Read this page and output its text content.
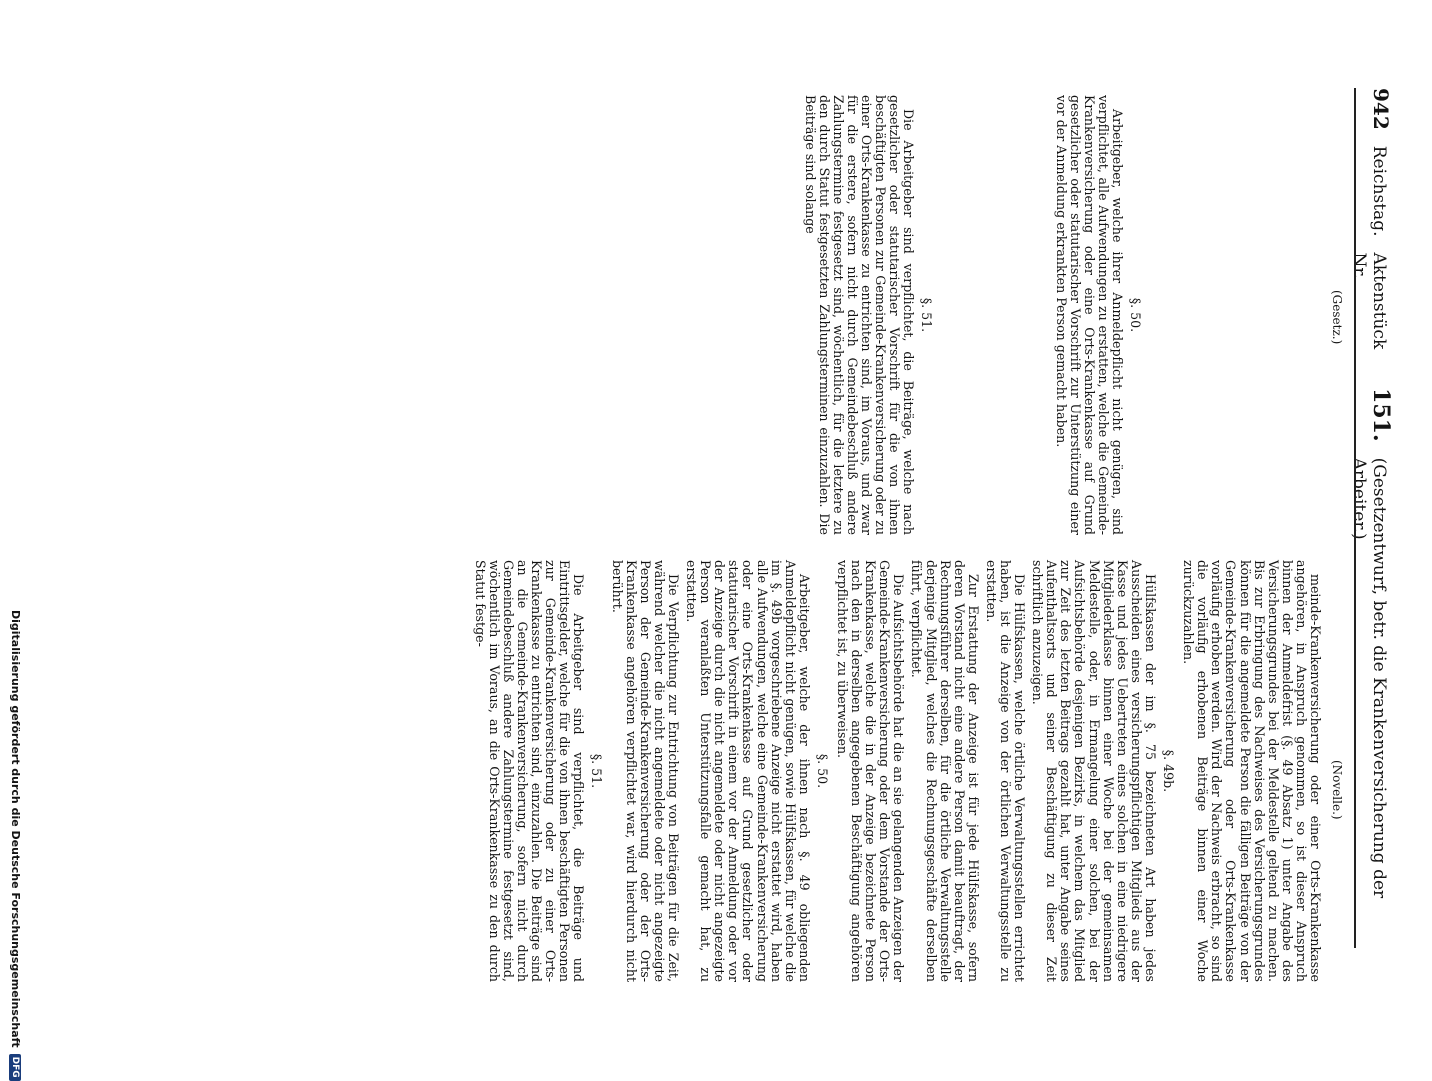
942
Reichstag.
Aktenstück Nr.
151.
(Gesetzentwurf, betr. die Krankenversicherung der Arbeiter.)
(Gesetz.)
(Novelle.)

§. 50.

Arbeitgeber, welche ihrer Anmeldepflicht nicht genügen, sind verpflichtet, alle Aufwendungen zu erstatten, welche die Gemeinde-Krankenversicherung oder eine Orts-Krankenkasse auf Grund gesetzlicher oder statutarischer Vorschrift zur Unterstützung einer vor der Anmeldung erkrankten Person gemacht haben.

§. 51.

Die Arbeitgeber sind verpflichtet, die Beiträge, welche nach gesetzlicher oder statutarischer Vorschrift für die von ihnen beschäftigten Personen zur Gemeinde-Krankenversicherung oder zu einer Orts-Krankenkasse zu entrichten sind, im Voraus, und zwar für die erstere, sofern nicht durch Gemeindebeschluß andere Zahlungstermine festgesetzt sind, wöchentlich, für die letztere zu den durch Statut festgesetzten Zahlungsterminen einzuzahlen. Die Beiträge sind solange

meinde-Krankenversicherung oder einer Orts-Krankenkasse angehören, in Anspruch genommen, so ist dieser Anspruch binnen der Anmeldefrist (§. 49 Absatz 1) unter Angabe des Versicherungsgrundes bei der Meldestelle geltend zu machen. Bis zur Erbringung des Nachweises des Versicherungsgrundes können für die angemeldete Person die fälligen Beiträge von der Gemeinde-Krankenversicherung oder Orts-Krankenkasse vorläufig erhoben werden. Wird der Nachweis erbracht, so sind die vorläufig erhobenen Beiträge binnen einer Woche zurückzuzahlen.

§. 49b.

Hülfskassen der im §. 75 bezeichneten Art haben jedes Ausscheiden eines versicherungspflichtigen Mitglieds aus der Kasse und jedes Uebertreten eines solchen in eine niedrigere Mitgliederklasse binnen einer Woche bei der gemeinsamen Meldestelle, oder, in Ermangelung einer solchen, bei der Aufsichtsbehörde desjenigen Bezirks, in welchem das Mitglied zur Zeit des letzten Beitrags gezahlt hat, unter Angabe seines Aufenthaltsorts und seiner Beschäftigung zu dieser Zeit schriftlich anzuzeigen.

Die Hülfskassen, welche örtliche Verwaltungsstellen errichtet haben, ist die Anzeige von der örtlichen Verwaltungsstelle zu erstatten.

Zur Erstattung der Anzeige ist für jede Hülfskasse, sofern deren Vorstand nicht eine andere Person damit beauftragt, der Rechnungsführer derselben, für die örtliche Verwaltungsstelle derjenige Mitglied, welches die Rechnungsgeschäfte derselben führt, verpflichtet.

Die Aufsichtsbehörde hat die an sie gelangenden Anzeigen der Gemeinde-Krankenversicherung oder dem Vorstande der Orts-Krankenkasse, welche die in der Anzeige bezeichnete Person nach den in derselben angegebenen Beschäftigung angehören verpflichtet ist, zu überweisen.

§. 50.

Arbeitgeber, welche der ihnen nach §. 49 obliegenden Anmeldepflicht nicht genügen, sowie Hülfskassen, für welche die im §. 49b vorgeschriebene Anzeige nicht erstattet wird, haben alle Aufwendungen, welche eine Gemeinde-Krankenversicherung oder eine Orts-Krankenkasse auf Grund gesetzlicher oder statutarischer Vorschrift in einem vor der Anmeldung oder vor der Anzeige durch die nicht angemeldete oder nicht angezeigte Person veranlaßten Unterstützungsfalle gemacht hat, zu erstatten.

Die Verpflichtung zur Entrichtung von Beiträgen für die Zeit, während welcher die nicht angemeldete oder nicht angezeigte Person der Gemeinde-Krankenversicherung oder der Orts-Krankenkasse angehören verpflichtet war, wird hierdurch nicht berührt.

§. 51.

Die Arbeitgeber sind verpflichtet, die Beiträge und Eintrittsgelder, welche für die von ihnen beschäftigten Personen zur Gemeinde-Krankenversicherung oder zu einer Orts-Krankenkasse zu entrichten sind, einzuzahlen. Die Beiträge sind an die Gemeinde-Krankenversicherung, sofern nicht durch Gemeindebeschluß andere Zahlungstermine festgesetzt sind, wöchentlich im Voraus, an die Orts-Krankenkasse zu den durch Statut festge-

Digitalisierung gefördert durch die Deutsche Forschungsgemeinschaft
DFG
